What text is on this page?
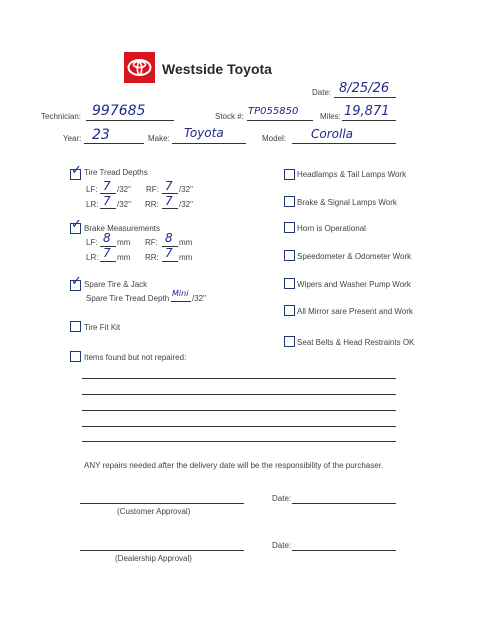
Westside Toyota
Date: 8/25/26
Technician: 997685	Stock #: TP055850	Miles: 19,871
Year: 23	Make: Toyota	Model: Corolla
✓ Tire Tread Depths
LF: 7 /32" RF: 7 /32"
LR: 7 /32" RR: 7 /32"
✓ Brake Measurements
LF: 8 mm RF: 8 mm
LR: 7 mm RR: 7 mm
✓ Spare Tire & Jack
Spare Tire Tread Depth
Mini
/32"
Tire Fit Kit
Items found but not repaired:
Headlamps & Tail Lamps Work
Brake & Signal Lamps Work
Horn is Operational
Speedometer & Odometer Work
Wipers and Washer Pump Work
All Mirror sare Present and Work
Seat Belts & Head Restraints OK
ANY repairs needed after the delivery date will be the responsibility of the purchaser.
(Customer Approval)
Date:
(Dealership Approval)
Date:
